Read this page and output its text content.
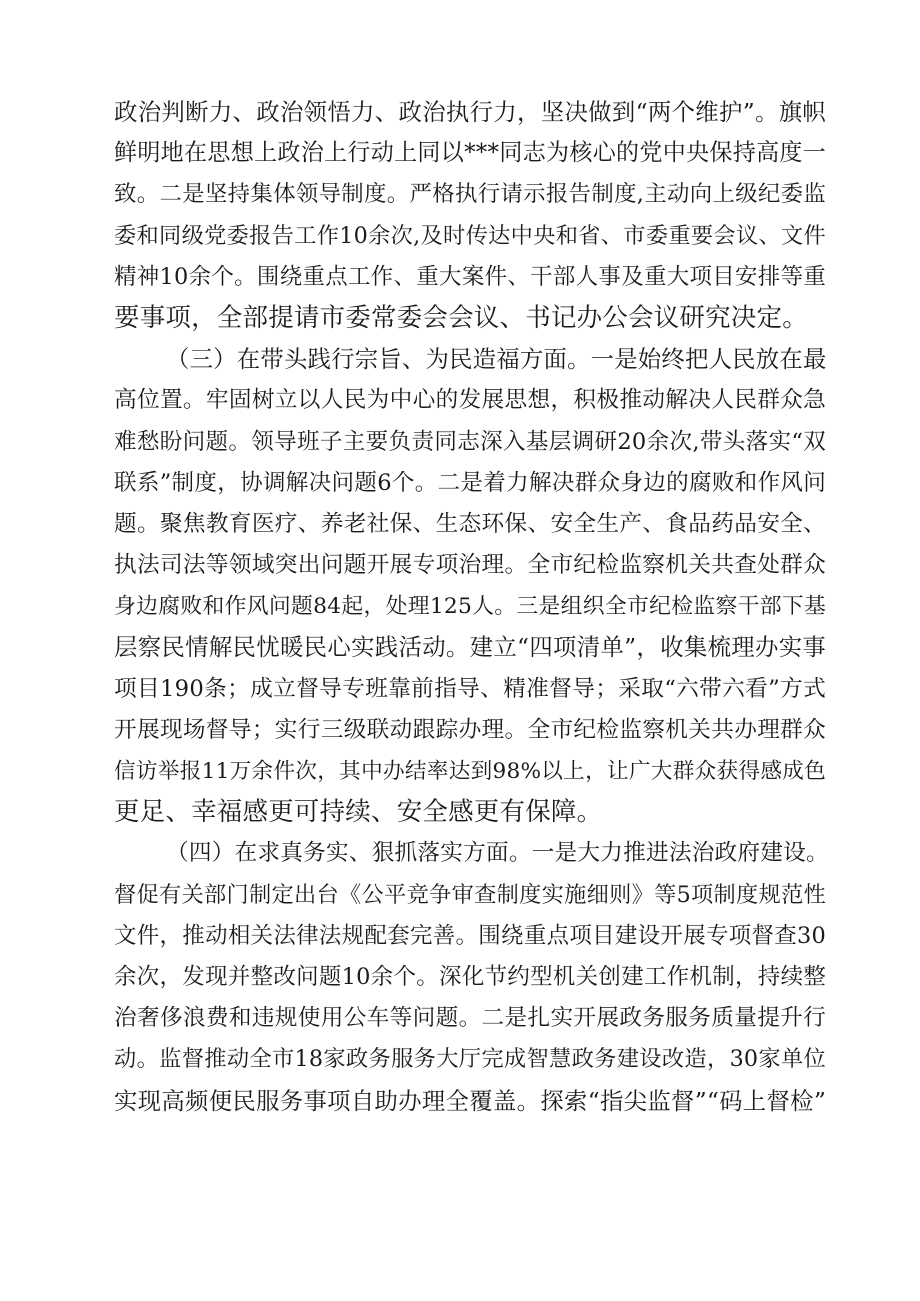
政治判断力、政治领悟力、政治执行力，坚决做到“两个维护”。旗帜
鲜明地在思想上政治上行动上同以***同志为核心的党中央保持高度一
致。二是坚持集体领导制度。严格执行请示报告制度,主动向上级纪委监
委和同级党委报告工作10余次,及时传达中央和省、市委重要会议、文件
精神10余个。围绕重点工作、重大案件、干部人事及重大项目安排等重
要事项，全部提请市委常委会会议、书记办公会议研究决定。
（三）在带头践行宗旨、为民造福方面。一是始终把人民放在最
高位置。牢固树立以人民为中心的发展思想，积极推动解决人民群众急
难愁盼问题。领导班子主要负责同志深入基层调研20余次,带头落实“双
联系”制度，协调解决问题6个。二是着力解决群众身边的腐败和作风问
题。聚焦教育医疗、养老社保、生态环保、安全生产、食品药品安全、
执法司法等领域突出问题开展专项治理。全市纪检监察机关共查处群众
身边腐败和作风问题84起，处理125人。三是组织全市纪检监察干部下基
层察民情解民忧暖民心实践活动。建立“四项清单”，收集梳理办实事
项目190条；成立督导专班靠前指导、精准督导；采取“六带六看”方式
开展现场督导；实行三级联动跟踪办理。全市纪检监察机关共办理群众
信访举报11万余件次，其中办结率达到98%以上，让广大群众获得感成色
更足、幸福感更可持续、安全感更有保障。
（四）在求真务实、狠抓落实方面。一是大力推进法治政府建设。
督促有关部门制定出台《公平竞争审查制度实施细则》等5项制度规范性
文件，推动相关法律法规配套完善。围绕重点项目建设开展专项督查30
余次，发现并整改问题10余个。深化节约型机关创建工作机制，持续整
治奢侈浪费和违规使用公车等问题。二是扎实开展政务服务质量提升行
动。监督推动全市18家政务服务大厅完成智慧政务建设改造，30家单位
实现高频便民服务事项自助办理全覆盖。探索“指尖监督”“码上督检”
